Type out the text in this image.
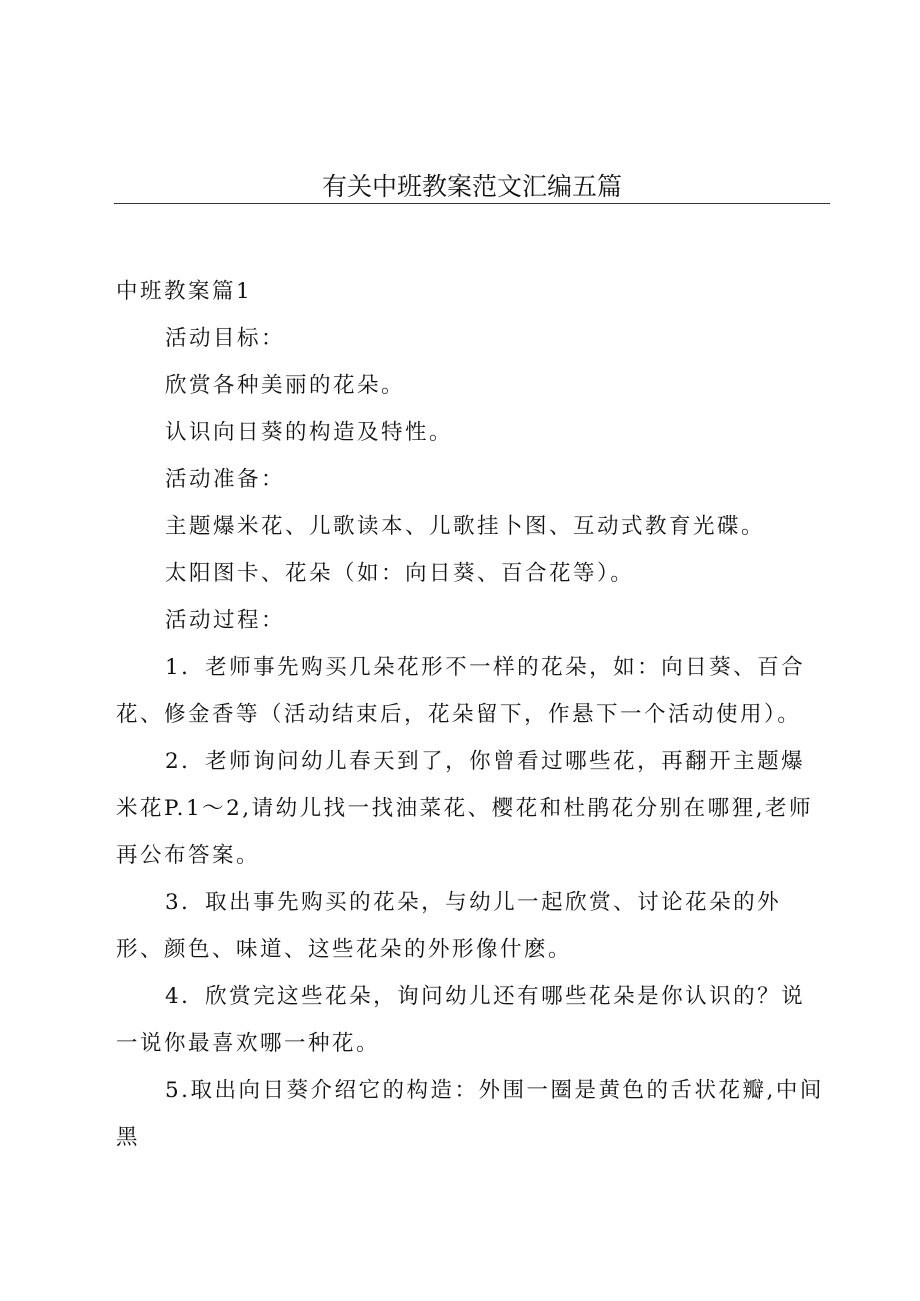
有关中班教案范文汇编五篇

中班教案篇1

活动目标：

欣赏各种美丽的花朵。

认识向日葵的构造及特性。

活动准备：

主题爆米花、儿歌读本、儿歌挂卜图、互动式教育光碟。

太阳图卡、花朵（如：向日葵、百合花等）。

活动过程：

1．老师事先购买几朵花形不一样的花朵，如：向日葵、百合花、修金香等（活动结束后，花朵留下，作悬下一个活动使用）。

2．老师询问幼儿春天到了，你曾看过哪些花，再翻开主题爆米花P.1～2,请幼儿找一找油菜花、樱花和杜鹃花分别在哪狸,老师再公布答案。

3．取出事先购买的花朵，与幼儿一起欣赏、讨论花朵的外形、颜色、味道、这些花朵的外形像什麽。

4．欣赏完这些花朵，询问幼儿还有哪些花朵是你认识的？说一说你最喜欢哪一种花。

5.取出向日葵介绍它的构造：外围一圈是黄色的舌状花瓣,中间黑
